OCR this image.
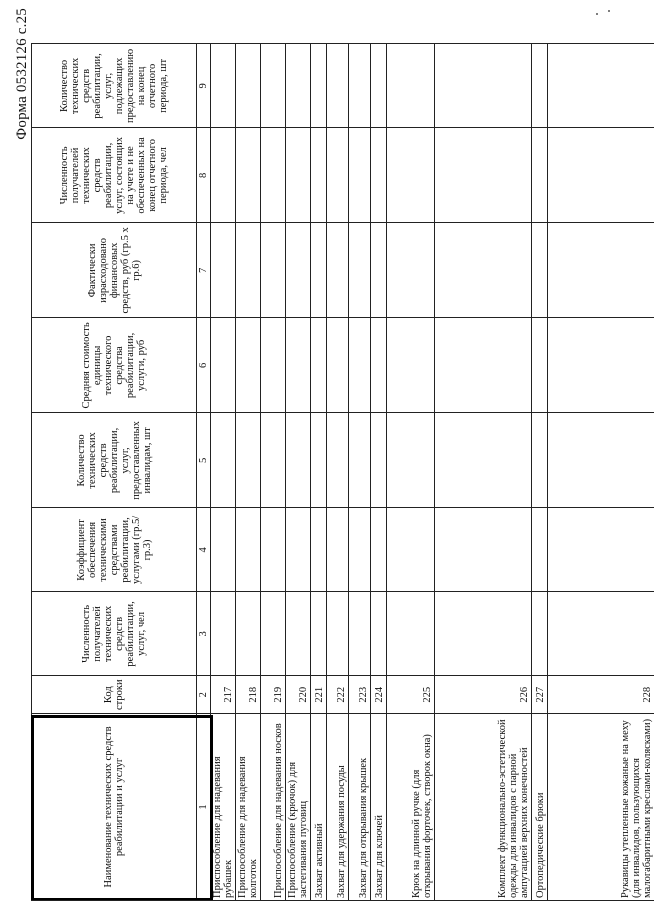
Форма 0532126 с.25
Наименование технических средств реабилитации и услуг	Код строки	Численность получателей технических средств реабилитации, услуг, чел	Коэффициент обеспечения техническими средствами реабилитации, услугами (гр.5/гр.3)	Количество технических средств реабилитации, услуг, предоставленных инвалидам, шт	Средняя стоимость единицы технического средства реабилитации, услуги, руб	Фактически израсходовано финансовых средств, руб (гр.5 х гр.6)	Численность получателей технических средств реабилитации, услуг, состоящих на учете и не обеспеченных на конец отчетного периода, чел	Количество технических средств реабилитации, услуг, подлежащих предоставлению на конец отчетного периода, шт
1	2	3	4	5	6	7	8	9
Приспособление для надевания рубашек	217							
Приспособление для надевания колготок	218							
Приспособление для надевания носков	219							
Приспособление (крючок) для застегивания пуговиц	220							
Захват активный	221							
Захват для удержания посуды	222							
Захват для открывания крышек	223							
Захват для ключей	224							
Крюк на длинной ручке (для открывания форточек, створок окна)	225							
Комплект функционально-эстетической одежды для инвалидов с парной ампутацией верхних конечностей	226							
Ортопедические брюки	227							
Рукавицы утепленные кожаные на меху (для инвалидов, пользующихся малогабаритными креслами-колясками)	228							
